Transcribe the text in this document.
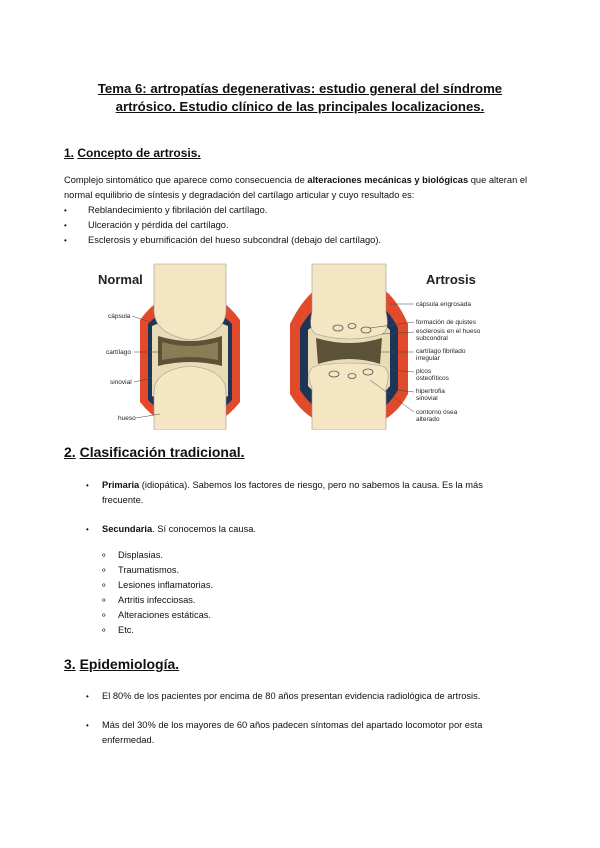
Tema 6: artropatías degenerativas: estudio general del síndrome
artrósico. Estudio clínico de las principales localizaciones.
1. Concepto de artrosis.
Complejo sintomático que aparece como consecuencia de alteraciones mecánicas y biológicas que alteran el normal equilibrio de síntesis y degradación del cartílago articular y cuyo resultado es:
• Reblandecimiento y fibrilación del cartílago.
• Ulceración y pérdida del cartílago.
• Esclerosis y eburnificación del hueso subcondral (debajo del cartílago).
Normal
cápsula
cartílago
sinovial
hueso
Artrosis
cápsula engrosada
formación de quistes
esclerosis en el hueso
subcondral
cartílago fibrilado
irregular
picos
osteofíticos
hipertrofia
sinovial
contorno ósea
alterado
2. Clasificación tradicional.
• Primaria (idiopática). Sabemos los factores de riesgo, pero no sabemos la causa. Es la más frecuente.
• Secundaria. Sí conocemos la causa.
⚬ Displasias.
⚬ Traumatismos.
⚬ Lesiones inflamatorias.
⚬ Artritis infecciosas.
⚬ Alteraciones estáticas.
⚬ Etc.
3. Epidemiología.
• El 80% de los pacientes por encima de 80 años presentan evidencia radiológica de artrosis.
• Más del 30% de los mayores de 60 años padecen síntomas del apartado locomotor por esta enfermedad.
